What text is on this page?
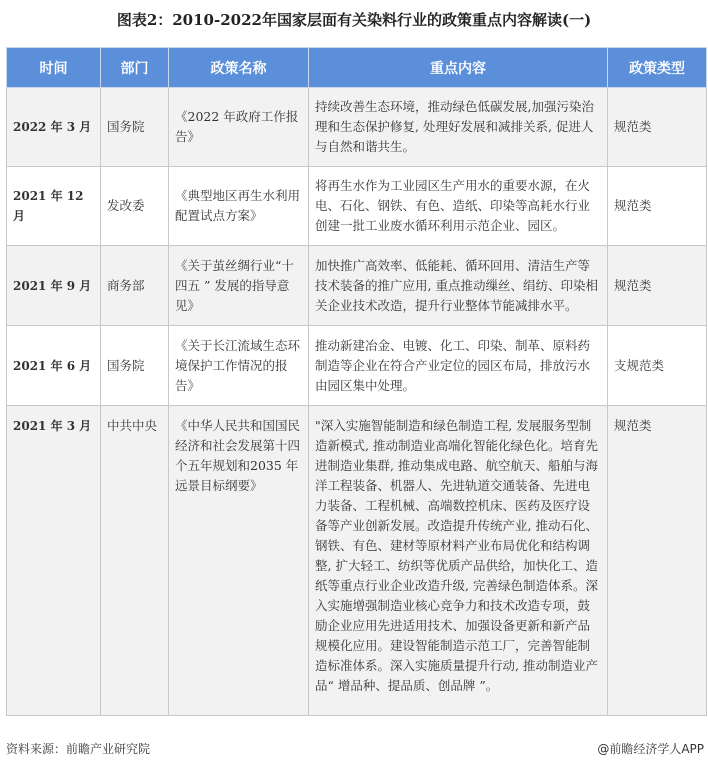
图表2：2010-2022年国家层面有关染料行业的政策重点内容解读(一)
时间	部门	政策名称	重点内容	政策类型
2022 年 3 月	国务院	《2022 年政府工作报告》	持续改善生态环境，推动绿色低碳发展,加强污染治理和生态保护修复, 处理好发展和减排关系, 促进人与自然和谐共生。	规范类
2021 年 12 月	发改委	《典型地区再生水利用配置试点方案》	将再生水作为工业园区生产用水的重要水源，在火电、石化、钢铁、有色、造纸、印染等高耗水行业创建一批工业废水循环利用示范企业、园区。	规范类
2021 年 9 月	商务部	《关于茧丝绸行业“十四五 ” 发展的指导意见》	加快推广高效率、低能耗、循环回用、清洁生产等技术装备的推广应用, 重点推动缫丝、绢纺、印染相关企业技术改造，提升行业整体节能减排水平。	规范类
2021 年 6 月	国务院	《关于长江流域生态环境保护工作情况的报告》	推动新建冶金、电镀、化工、印染、制革、原料药制造等企业在符合产业定位的园区布局，排放污水由园区集中处理。	支规范类
2021 年 3 月	中共中央	《中华人民共和国国民经济和社会发展第十四个五年规划和2035 年远景目标纲要》	"深入实施智能制造和绿色制造工程, 发展服务型制造新模式, 推动制造业高端化智能化绿色化。培育先进制造业集群, 推动集成电路、航空航天、船舶与海洋工程装备、机器人、先进轨道交通装备、先进电力装备、工程机械、高端数控机床、医药及医疗设备等产业创新发展。改造提升传统产业, 推动石化、钢铁、有色、建材等原材料产业布局优化和结构调整, 扩大轻工、纺织等优质产品供给，加快化工、造纸等重点行业企业改造升级, 完善绿色制造体系。深入实施增强制造业核心竞争力和技术改造专项，鼓励企业应用先进适用技术、加强设备更新和新产品规模化应用。建设智能制造示范工厂，完善智能制造标准体系。深入实施质量提升行动, 推动制造业产品“ 增品种、提品质、创品牌 ”。	规范类
资料来源：前瞻产业研究院	@前瞻经济学人APP
